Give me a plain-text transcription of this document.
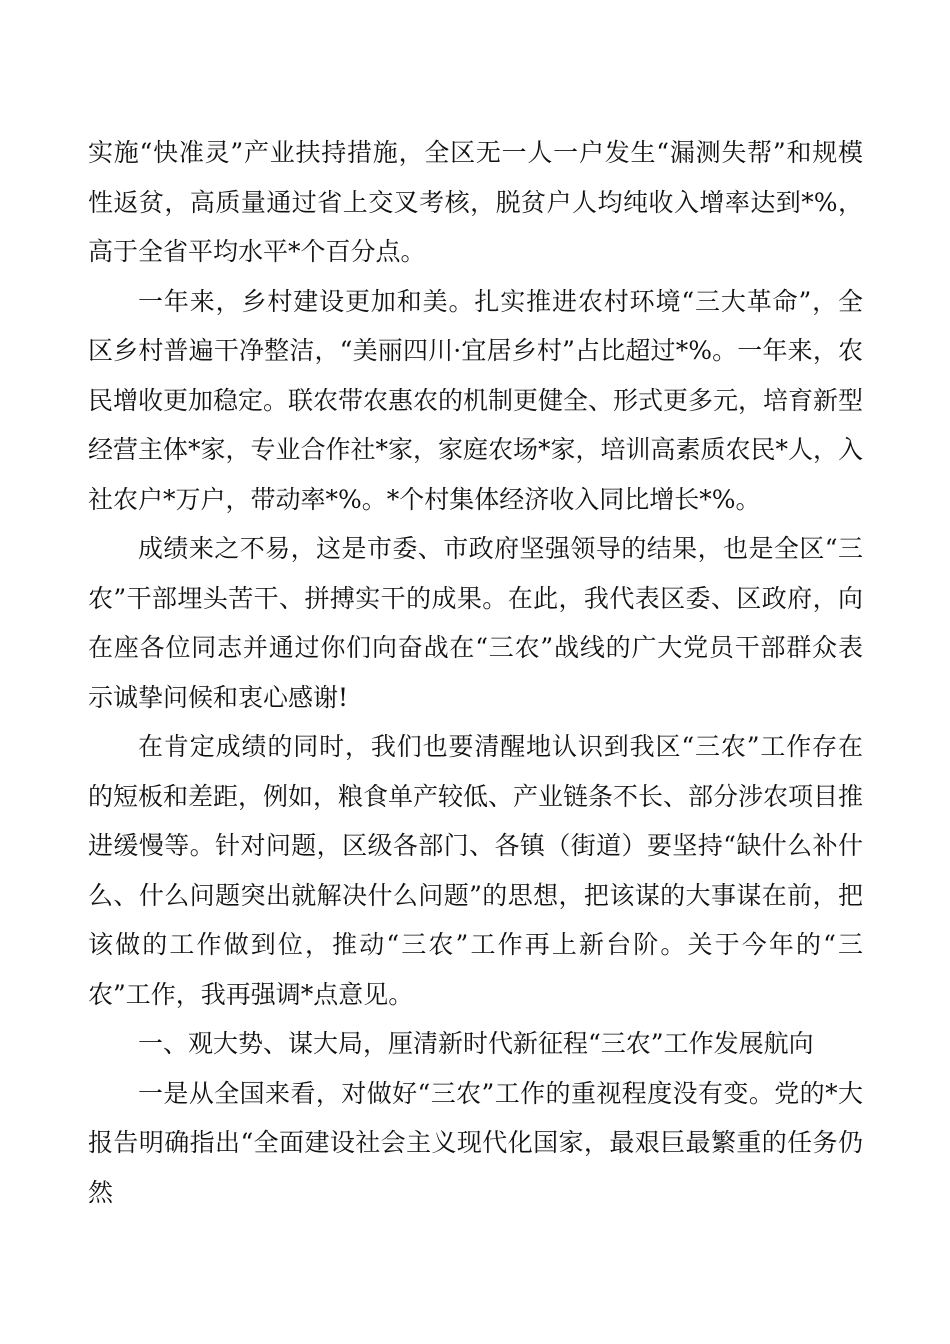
实施“快准灵”产业扶持措施，全区无一人一户发生“漏测失帮”和规模性返贫，高质量通过省上交叉考核，脱贫户人均纯收入增率达到*%，高于全省平均水平*个百分点。

一年来，乡村建设更加和美。扎实推进农村环境“三大革命”，全区乡村普遍干净整洁，“美丽四川·宜居乡村”占比超过*%。一年来，农民增收更加稳定。联农带农惠农的机制更健全、形式更多元，培育新型经营主体*家，专业合作社*家，家庭农场*家，培训高素质农民*人，入社农户*万户，带动率*%。*个村集体经济收入同比增长*%。

成绩来之不易，这是市委、市政府坚强领导的结果，也是全区“三农”干部埋头苦干、拼搏实干的成果。在此，我代表区委、区政府，向在座各位同志并通过你们向奋战在“三农”战线的广大党员干部群众表示诚挚问候和衷心感谢!

在肯定成绩的同时，我们也要清醒地认识到我区“三农”工作存在的短板和差距，例如，粮食单产较低、产业链条不长、部分涉农项目推进缓慢等。针对问题，区级各部门、各镇（街道）要坚持“缺什么补什么、什么问题突出就解决什么问题”的思想，把该谋的大事谋在前，把该做的工作做到位，推动“三农”工作再上新台阶。关于今年的“三农”工作，我再强调*点意见。

一、观大势、谋大局，厘清新时代新征程“三农”工作发展航向

一是从全国来看，对做好“三农”工作的重视程度没有变。党的*大报告明确指出“全面建设社会主义现代化国家，最艰巨最繁重的任务仍然
